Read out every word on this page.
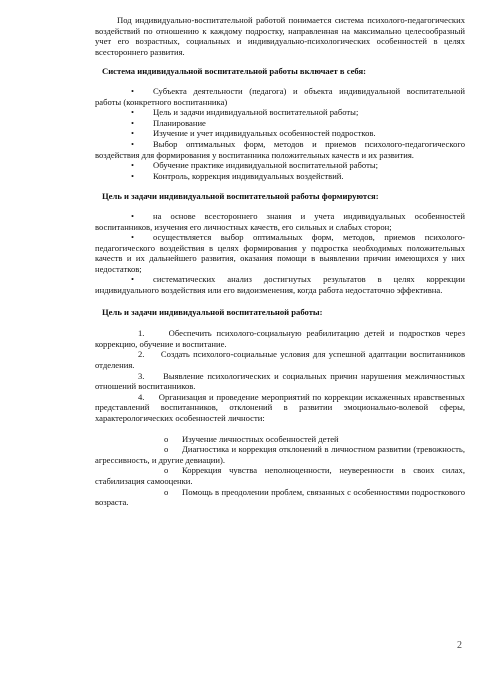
Под индивидуально-воспитательной работой понимается система психолого-педагогических воздействий по отношению к каждому подростку, направленная на максимально целесообразный учет его возрастных, социальных и индивидуально-психологических особенностей в целях всестороннего развития.

Система индивидуальной воспитательной работы включает в себя:

• Субъекта деятельности (педагога) и объекта индивидуальной воспитательной работы (конкретного воспитанника)

• Цель и задачи индивидуальной воспитательной работы;

• Планирование

• Изучение и учет индивидуальных особенностей подростков.

• Выбор оптимальных форм, методов и приемов психолого-педагогического воздействия для формирования у воспитанника положительных качеств и их развития.

• Обучение практике индивидуальной воспитательной работы;

• Контроль, коррекция индивидуальных воздействий.

Цель и задачи индивидуальной воспитательной работы формируются:

• на основе всестороннего знания и учета индивидуальных особенностей воспитанников, изучения его личностных качеств, его сильных и слабых сторон;

• осуществляется выбор оптимальных форм, методов, приемов психолого-педагогического воздействия в целях формирования у подростка необходимых положительных качеств и их дальнейшего развития, оказания помощи в выявлении причин имеющихся у них недостатков;

• систематических анализ достигнутых результатов в целях коррекции индивидуального воздействия или его видоизменения, когда работа недостаточно эффективна.

Цель и задачи индивидуальной воспитательной работы:

1.	Обеспечить психолого-социальную реабилитацию детей и подростков через коррекцию, обучение и воспитание.

2. Создать психолого-социальные условия для успешной адаптации воспитанников отделения.

3. Выявление психологических и социальных причин нарушения межличностных отношений воспитанников.

4. Организация и проведение мероприятий по коррекции искаженных нравственных представлений воспитанников, отклонений в развитии эмоционально-волевой сферы, характерологических особенностей личности:

o Изучение личностных особенностей детей

o Диагностика и коррекция отклонений в личностном развитии (тревожность, агрессивность, и другие девиации).

o Коррекция чувства неполноценности, неуверенности в своих силах, стабилизация самооценки.

o Помощь в преодолении проблем, связанных с особенностями подросткового возраста.

2
